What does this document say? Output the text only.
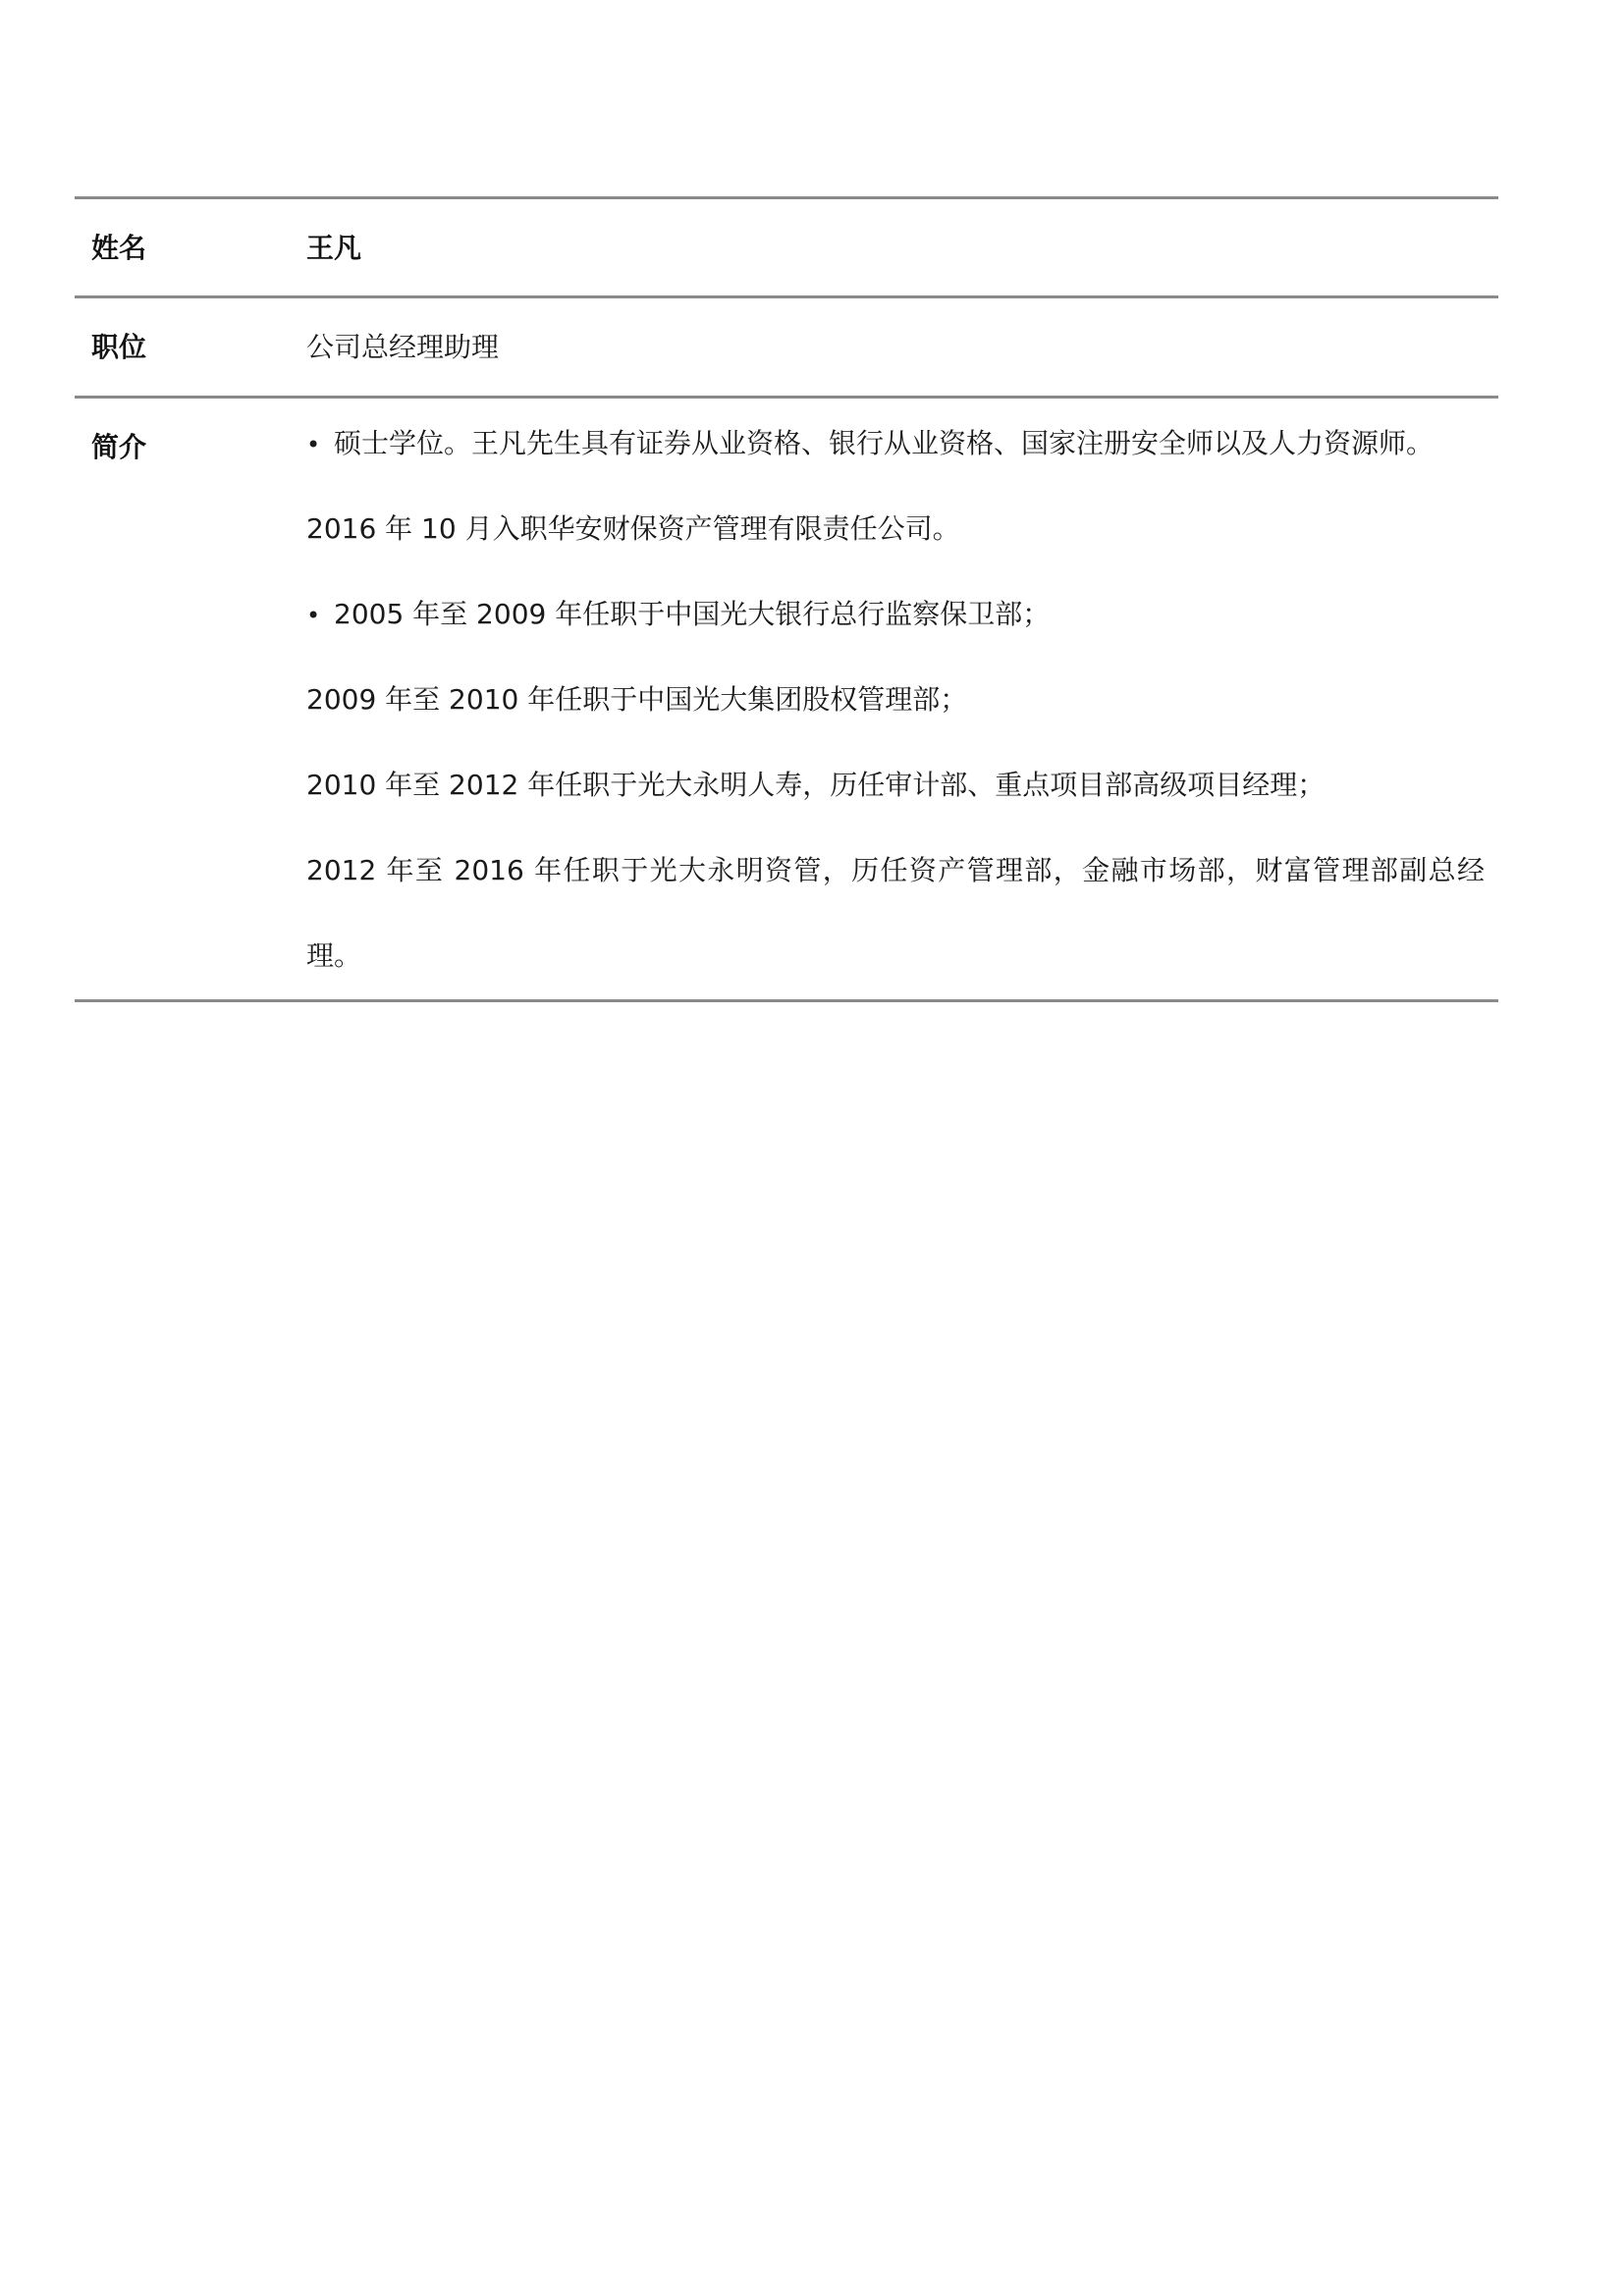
姓名	王凡
职位	公司总经理助理
简介	• 硕士学位。王凡先生具有证券从业资格、银行从业资格、国家注册安全师以及人力资源师。
2016 年 10 月入职华安财保资产管理有限责任公司。
• 2005 年至 2009 年任职于中国光大银行总行监察保卫部；
2009 年至 2010 年任职于中国光大集团股权管理部；
2010 年至 2012 年任职于光大永明人寿，历任审计部、重点项目部高级项目经理；
2012 年至 2016 年任职于光大永明资管，历任资产管理部，金融市场部，财富管理部副总经
理。
